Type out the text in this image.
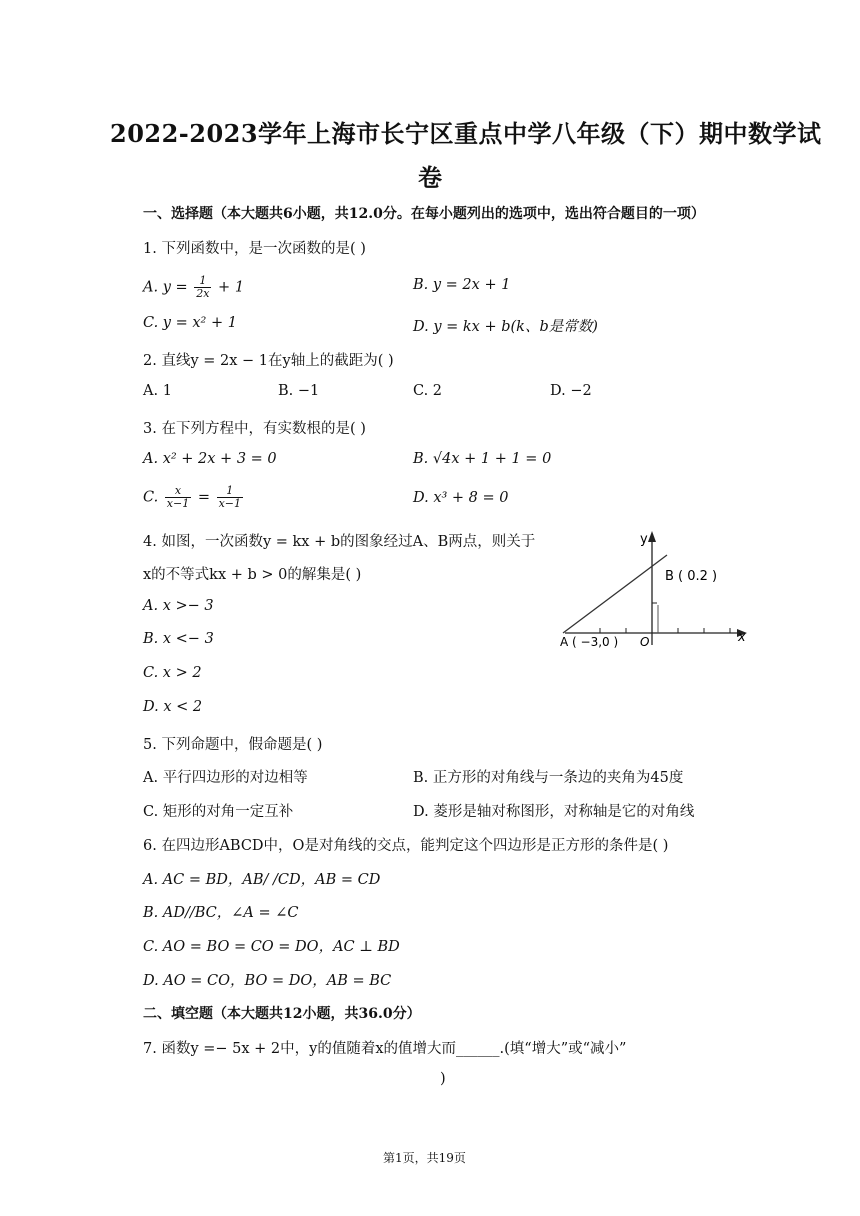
2022-2023学年上海市长宁区重点中学八年级（下）期中数学试
卷
一、选择题（本大题共6小题，共12.0分。在每小题列出的选项中，选出符合题目的一项）
1. 下列函数中，是一次函数的是( )
A. $y = \frac{1}{2x} + 1$	B. y = 2x + 1
C. y = x² + 1	D. y = kx + b(k、b是常数)
2. 直线y = 2x − 1在y轴上的截距为( )
A. 1	B. −1	C. 2	D. −2
3. 在下列方程中，有实数根的是( )
A. x² + 2x + 3 = 0	B. √4x + 1 + 1 = 0
C. $\frac{x}{x-1} = \frac{1}{x-1}$	D. x³ + 8 = 0
4. 如图，一次函数y = kx + b的图象经过A、B两点，则关于
x的不等式kx + b > 0的解集是( )
A. x >− 3
B. x <− 3
C. x > 2
D. x < 2
y
x
B ( 0.2 )
A ( −3,0 ) O
5. 下列命题中，假命题是( )
A. 平行四边形的对边相等	B. 正方形的对角线与一条边的夹角为45度
C. 矩形的对角一定互补	D. 菱形是轴对称图形，对称轴是它的对角线
6. 在四边形ABCD中，O是对角线的交点，能判定这个四边形是正方形的条件是( )
A. AC = BD，AB/ /CD，AB = CD
B. AD//BC，∠A = ∠C
C. AO = BO = CO = DO，AC ⊥ BD
D. AO = CO，BO = DO，AB = BC
二、填空题（本大题共12小题，共36.0分）
7. 函数y =− 5x + 2中，y的值随着x的值增大而______.(填“增大”或“减小”
)
第1页，共19页
